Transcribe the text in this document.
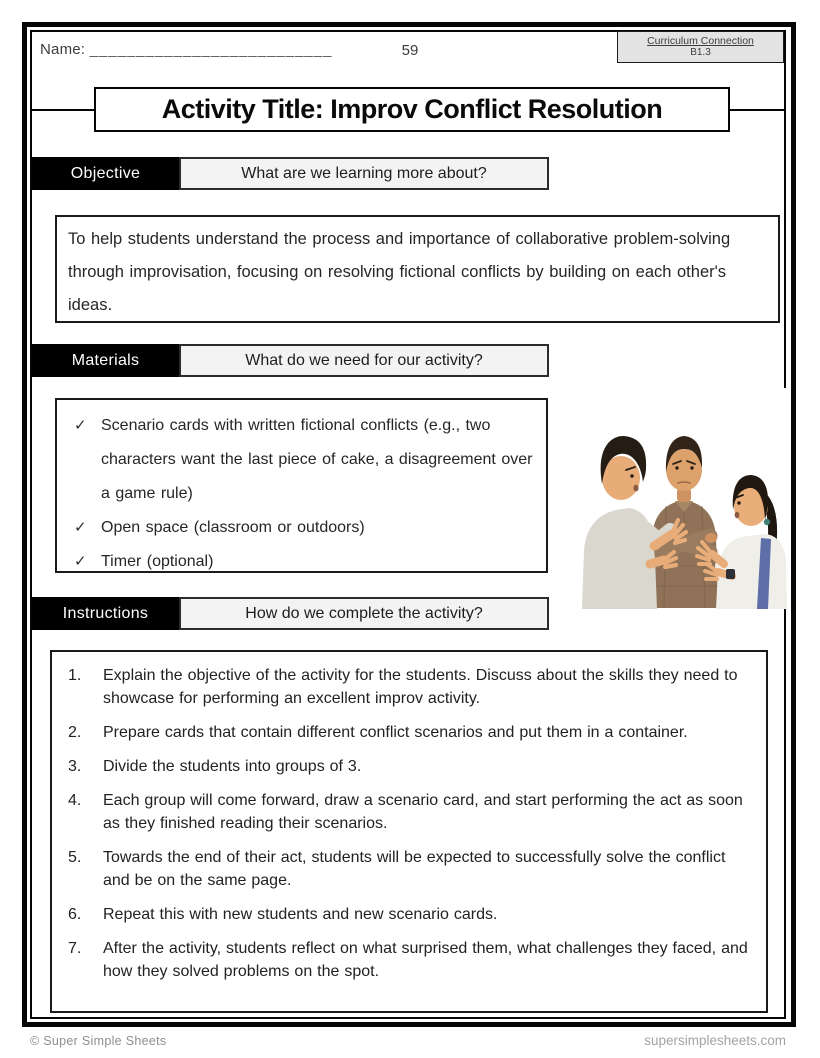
Name: __________________________	59
Curriculum Connection
B1.3
Activity Title: Improv Conflict Resolution
Objective	What are we learning more about?
To help students understand the process and importance of collaborative problem-solving through improvisation, focusing on resolving fictional conflicts by building on each other's ideas.
Materials	What do we need for our activity?
✓ Scenario cards with written fictional conflicts (e.g., two characters want the last piece of cake, a disagreement over a game rule)
✓ Open space (classroom or outdoors)
✓ Timer (optional)
Instructions	How do we complete the activity?
1.	Explain the objective of the activity for the students. Discuss about the skills they need to showcase for performing an excellent improv activity.
2.	Prepare cards that contain different conflict scenarios and put them in a container.
3.	Divide the students into groups of 3.
4.	Each group will come forward, draw a scenario card, and start performing the act as soon as they finished reading their scenarios.
5.	Towards the end of their act, students will be expected to successfully solve the conflict and be on the same page.
6.	Repeat this with new students and new scenario cards.
7.	After the activity, students reflect on what surprised them, what challenges they faced, and how they solved problems on the spot.
© Super Simple Sheets	supersimplesheets.com
